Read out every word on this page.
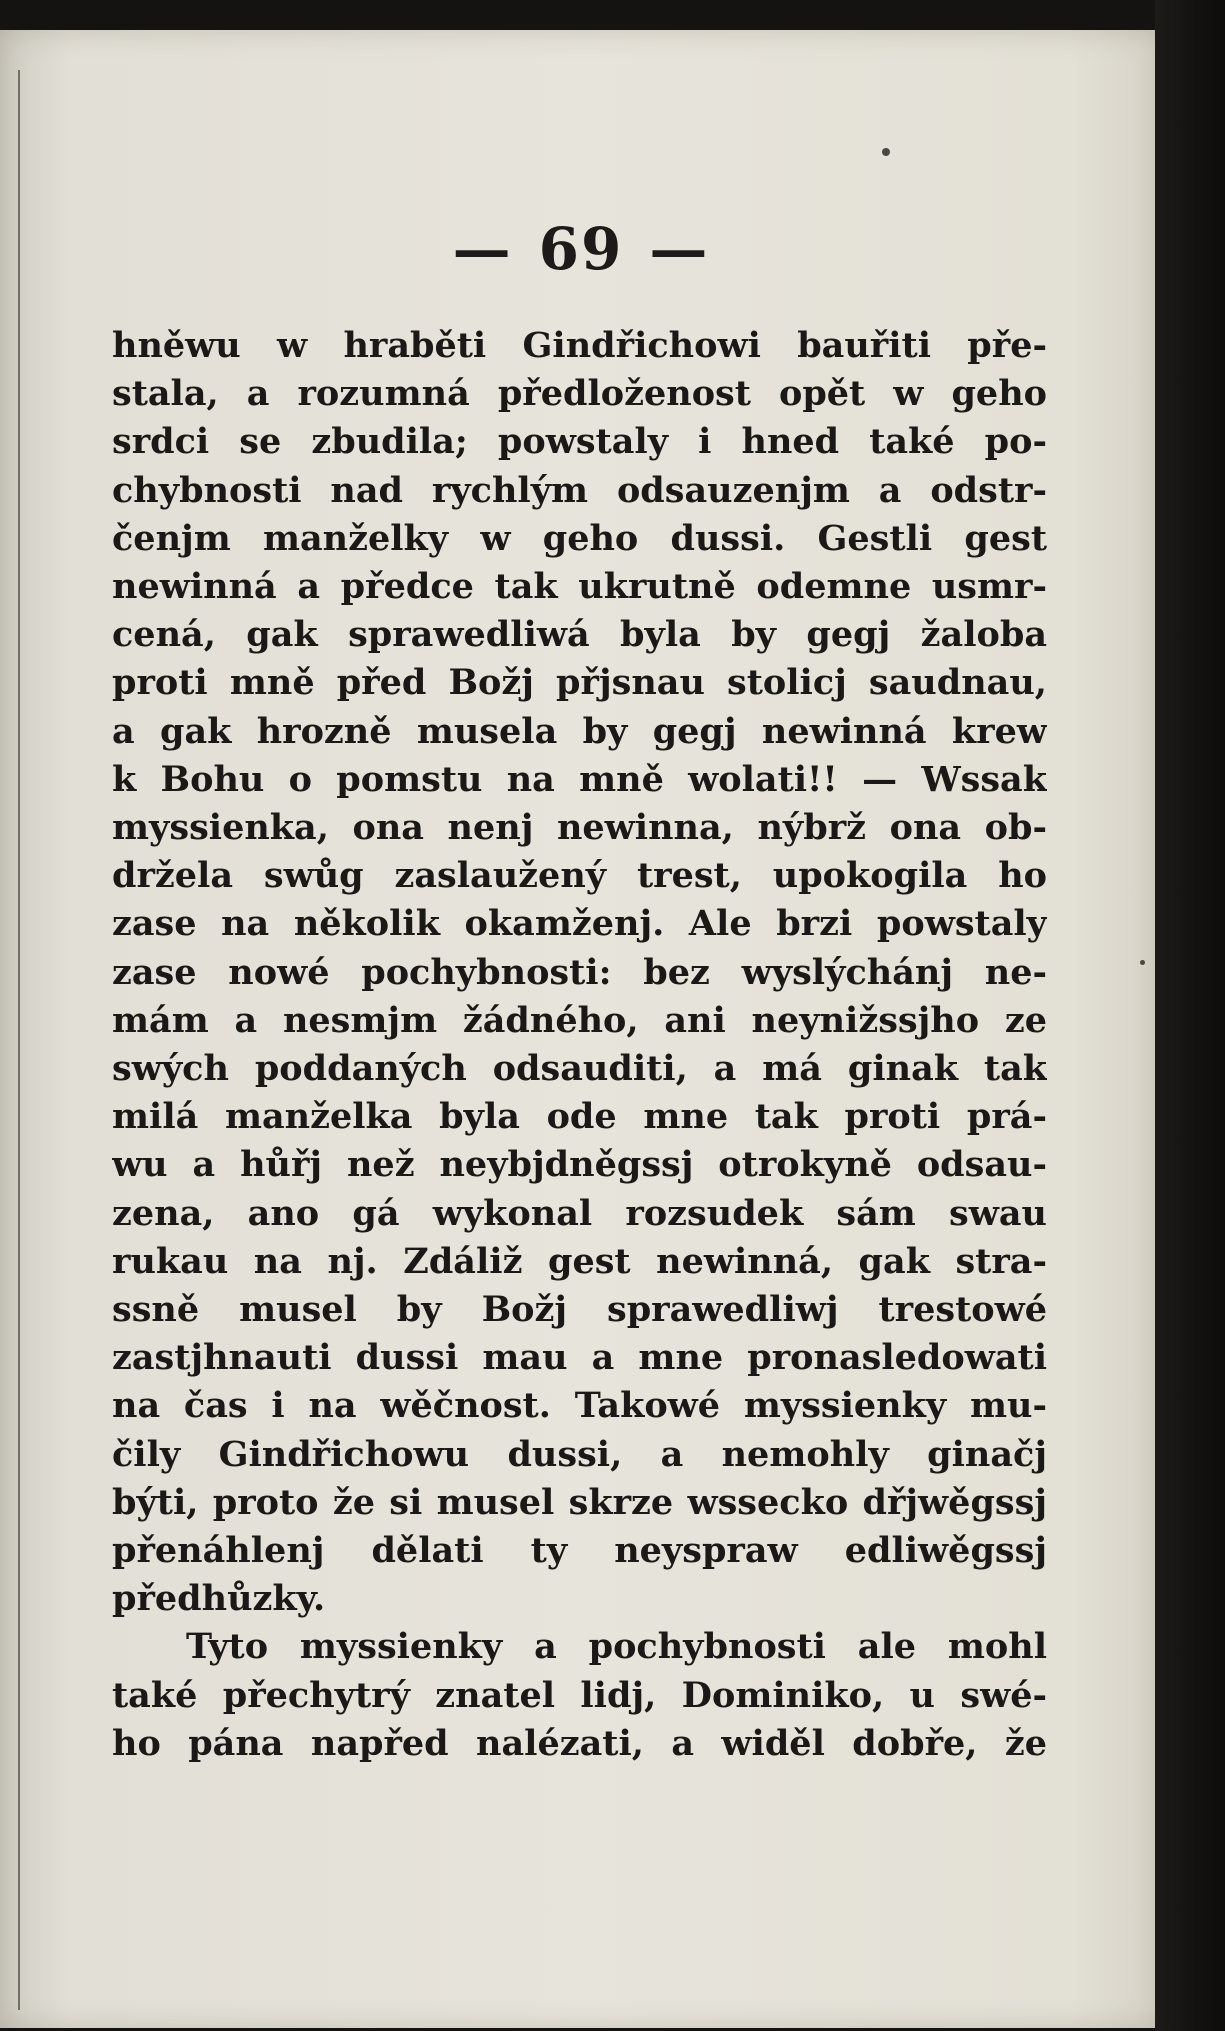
— 69 —
hněwu w hraběti Gindřichowi bauřiti pře-
stala, a rozumná předloženost opět w geho
srdci se zbudila; powstaly i hned také po-
chybnosti nad rychlým odsauzenjm a odstr-
čenjm manželky w geho dussi. Gestli gest
newinná a předce tak ukrutně odemne usmr-
cená, gak sprawedliwá byla by gegj žaloba
proti mně před Božj přjsnau stolicj saudnau,
a gak hrozně musela by gegj newinná krew
k Bohu o pomstu na mně wolati!! — Wssak
myssienka, ona nenj newinna, nýbrž ona ob-
držela swůg zaslaužený trest, upokogila ho
zase na několik okamženj. Ale brzi powstaly
zase nowé pochybnosti: bez wyslýchánj ne-
mám a nesmjm žádného, ani neynižssjho ze
swých poddaných odsauditi, a má ginak tak
milá manželka byla ode mne tak proti prá-
wu a hůřj než neybjdněgssj otrokyně odsau-
zena, ano gá wykonal rozsudek sám swau
rukau na nj. Zdáliž gest newinná, gak stra-
ssně musel by Božj sprawedliwj trestowé
zastjhnauti dussi mau a mne pronasledowati
na čas i na wěčnost. Takowé myssienky mu-
čily Gindřichowu dussi, a nemohly ginačj
býti, proto že si musel skrze wssecko dřjwěgssj
přenáhlenj dělati ty neyspraw edliwěgssj
předhůzky.
Tyto myssienky a pochybnosti ale mohl
také přechytrý znatel lidj, Dominiko, u swé-
ho pána napřed nalézati, a widěl dobře, že
